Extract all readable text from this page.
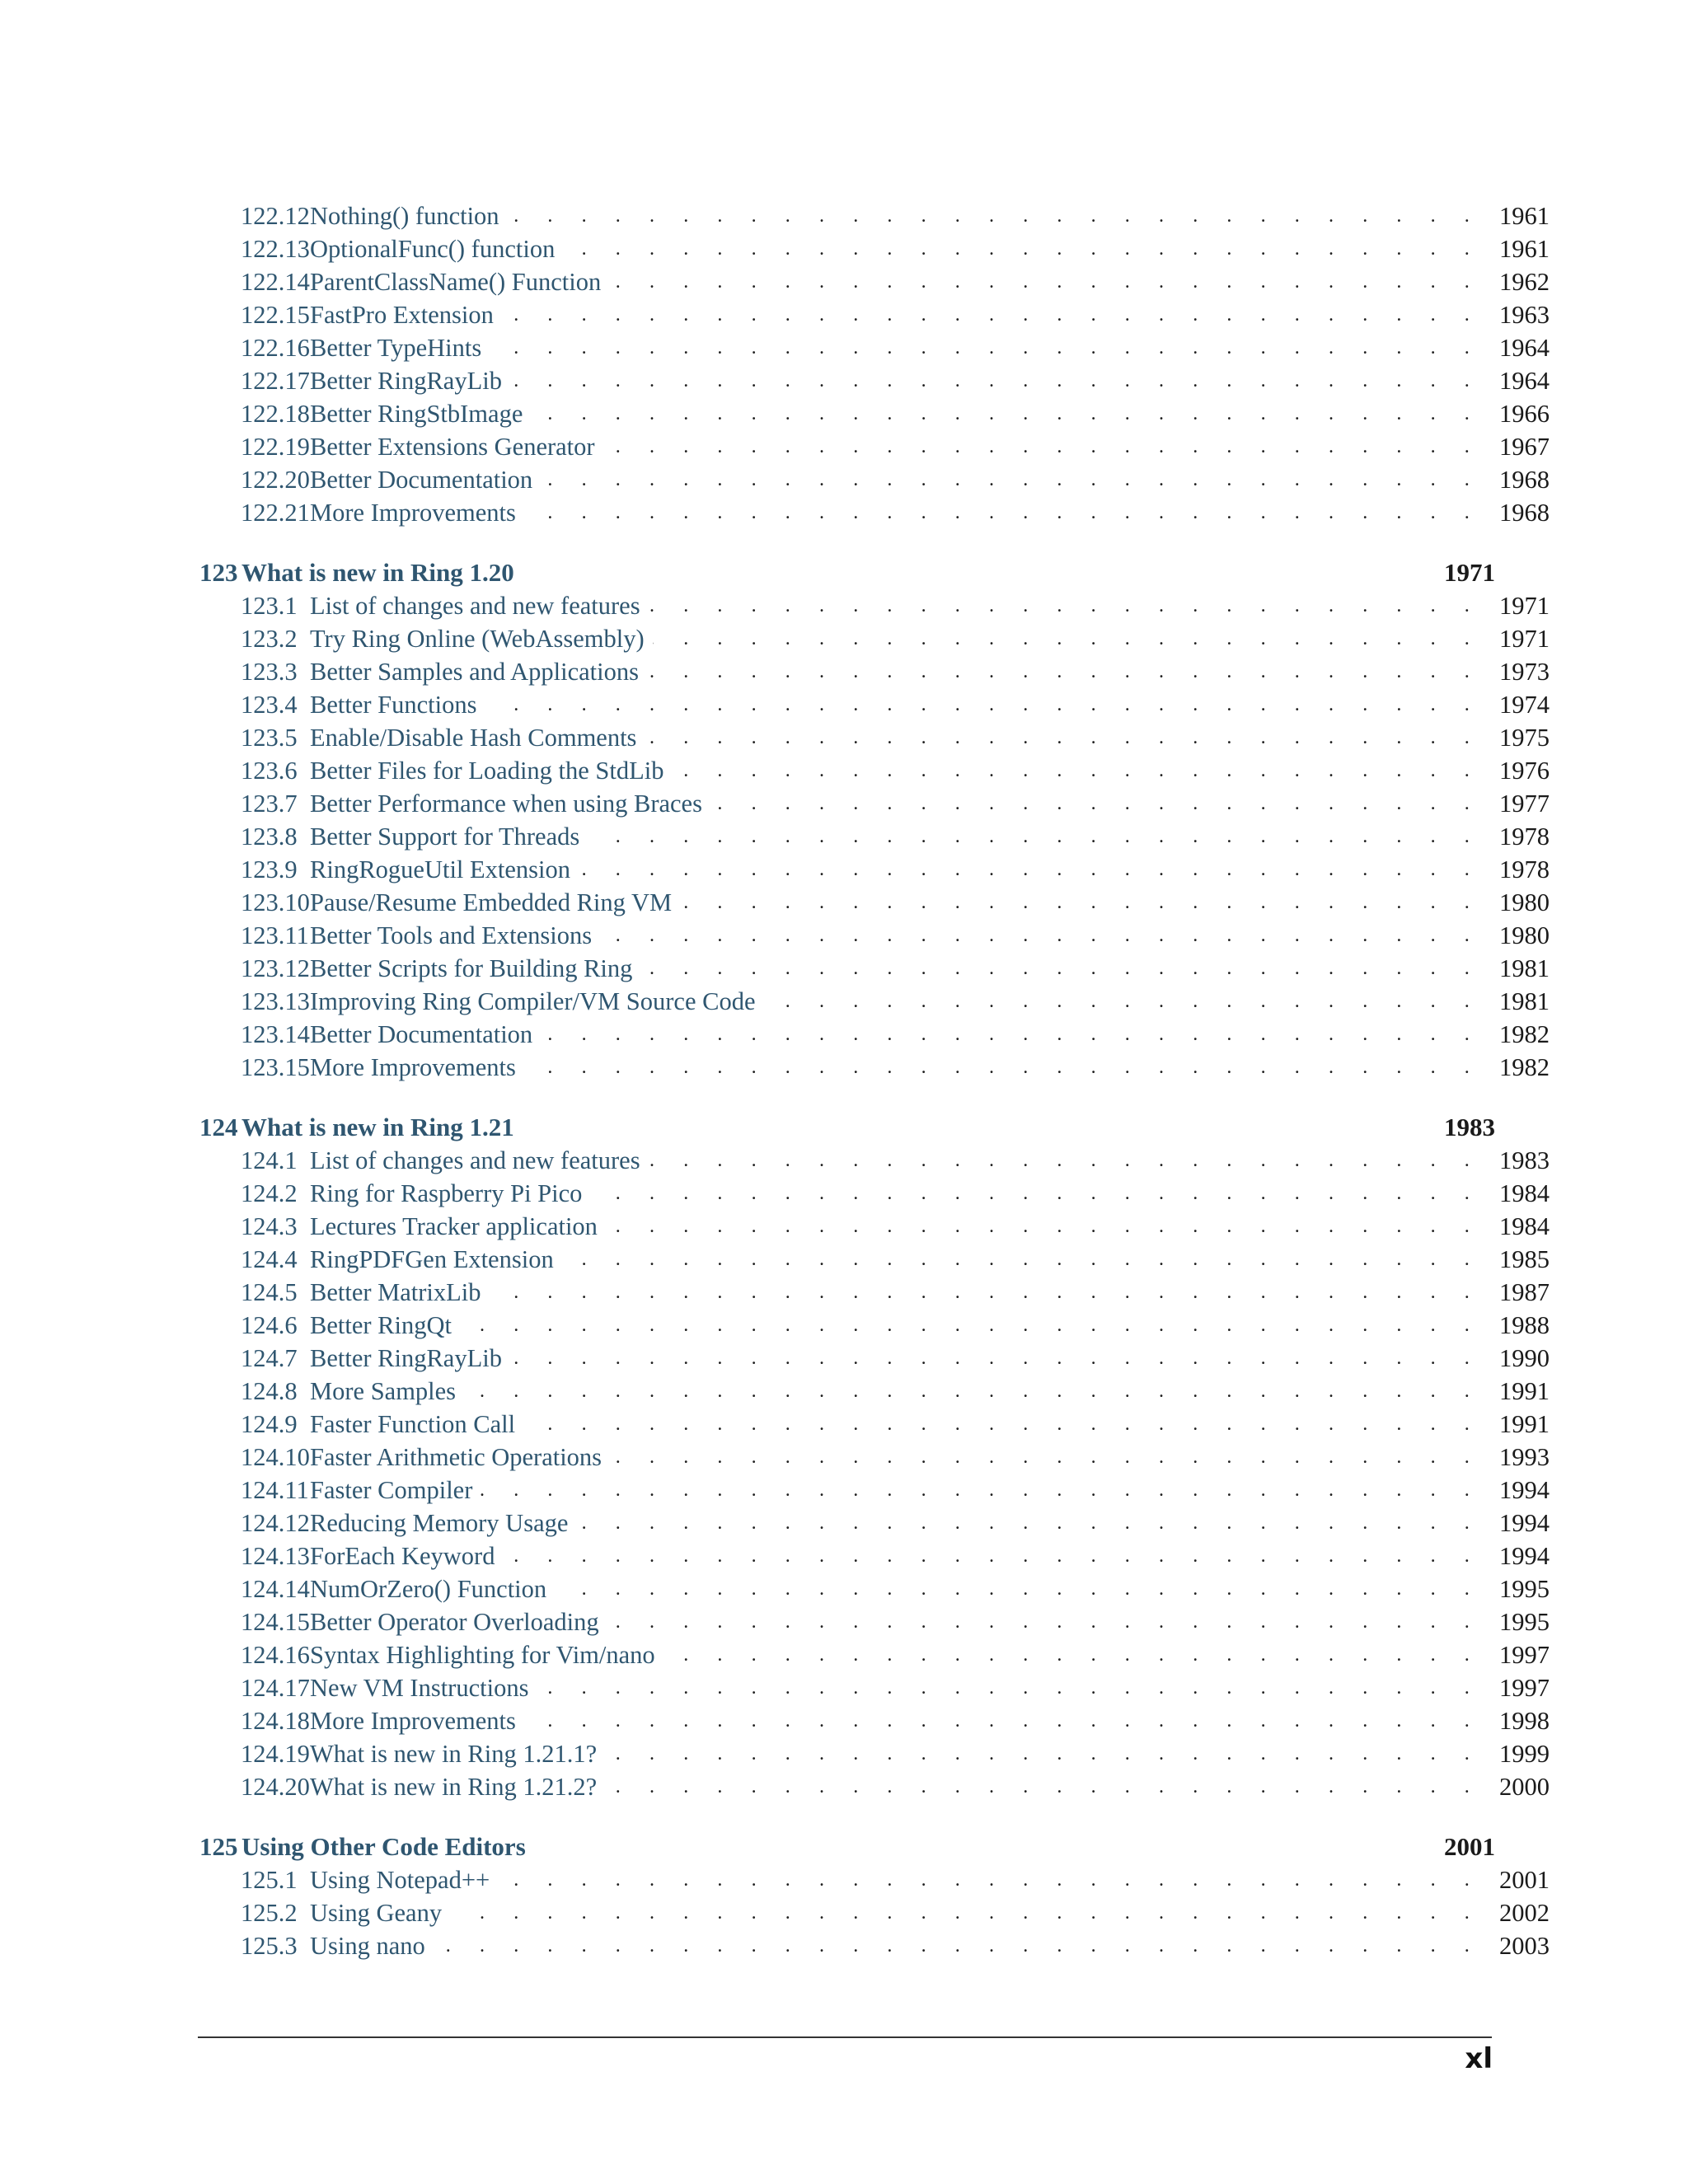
122.12 . . . Nothing() function	1961
122.13 . . . OptionalFunc() function	1961
122.14 . . . ParentClassName() Function	1962
122.15 . . . FastPro Extension	1963
122.16 . . . Better TypeHints	1964
122.17 . . . Better RingRayLib	1964
122.18 . . . Better RingStbImage	1966
122.19 . . . Better Extensions Generator	1967
122.20 . . . Better Documentation	1968
122.21 . . . More Improvements	1968
123 What is new in Ring 1.20	1971
123.1 . . . List of changes and new features	1971
123.2 . . . Try Ring Online (WebAssembly)	1971
123.3 . . . Better Samples and Applications	1973
123.4 . . . Better Functions	1974
123.5 . . . Enable/Disable Hash Comments	1975
123.6 . . . Better Files for Loading the StdLib	1976
123.7 . . . Better Performance when using Braces	1977
123.8 . . . Better Support for Threads	1978
123.9 . . . RingRogueUtil Extension	1978
123.10 . . . Pause/Resume Embedded Ring VM	1980
123.11 . . . Better Tools and Extensions	1980
123.12 . . . Better Scripts for Building Ring	1981
123.13 . . . Improving Ring Compiler/VM Source Code	1981
123.14 . . . Better Documentation	1982
123.15 . . . More Improvements	1982
124 What is new in Ring 1.21	1983
124.1 . . . List of changes and new features	1983
124.2 . . . Ring for Raspberry Pi Pico	1984
124.3 . . . Lectures Tracker application	1984
124.4 . . . RingPDFGen Extension	1985
124.5 . . . Better MatrixLib	1987
124.6 . . . Better RingQt	1988
124.7 . . . Better RingRayLib	1990
124.8 . . . More Samples	1991
124.9 . . . Faster Function Call	1991
124.10 . . . Faster Arithmetic Operations	1993
124.11 . . . Faster Compiler	1994
124.12 . . . Reducing Memory Usage	1994
124.13 . . . ForEach Keyword	1994
124.14 . . . NumOrZero() Function	1995
124.15 . . . Better Operator Overloading	1995
124.16 . . . Syntax Highlighting for Vim/nano	1997
124.17 . . . New VM Instructions	1997
124.18 . . . More Improvements	1998
124.19 . . . What is new in Ring 1.21.1?	1999
124.20 . . . What is new in Ring 1.21.2?	2000
125 Using Other Code Editors	2001
125.1 . . . Using Notepad++	2001
125.2 . . . Using Geany	2002
125.3 . . . Using nano	2003
xl
